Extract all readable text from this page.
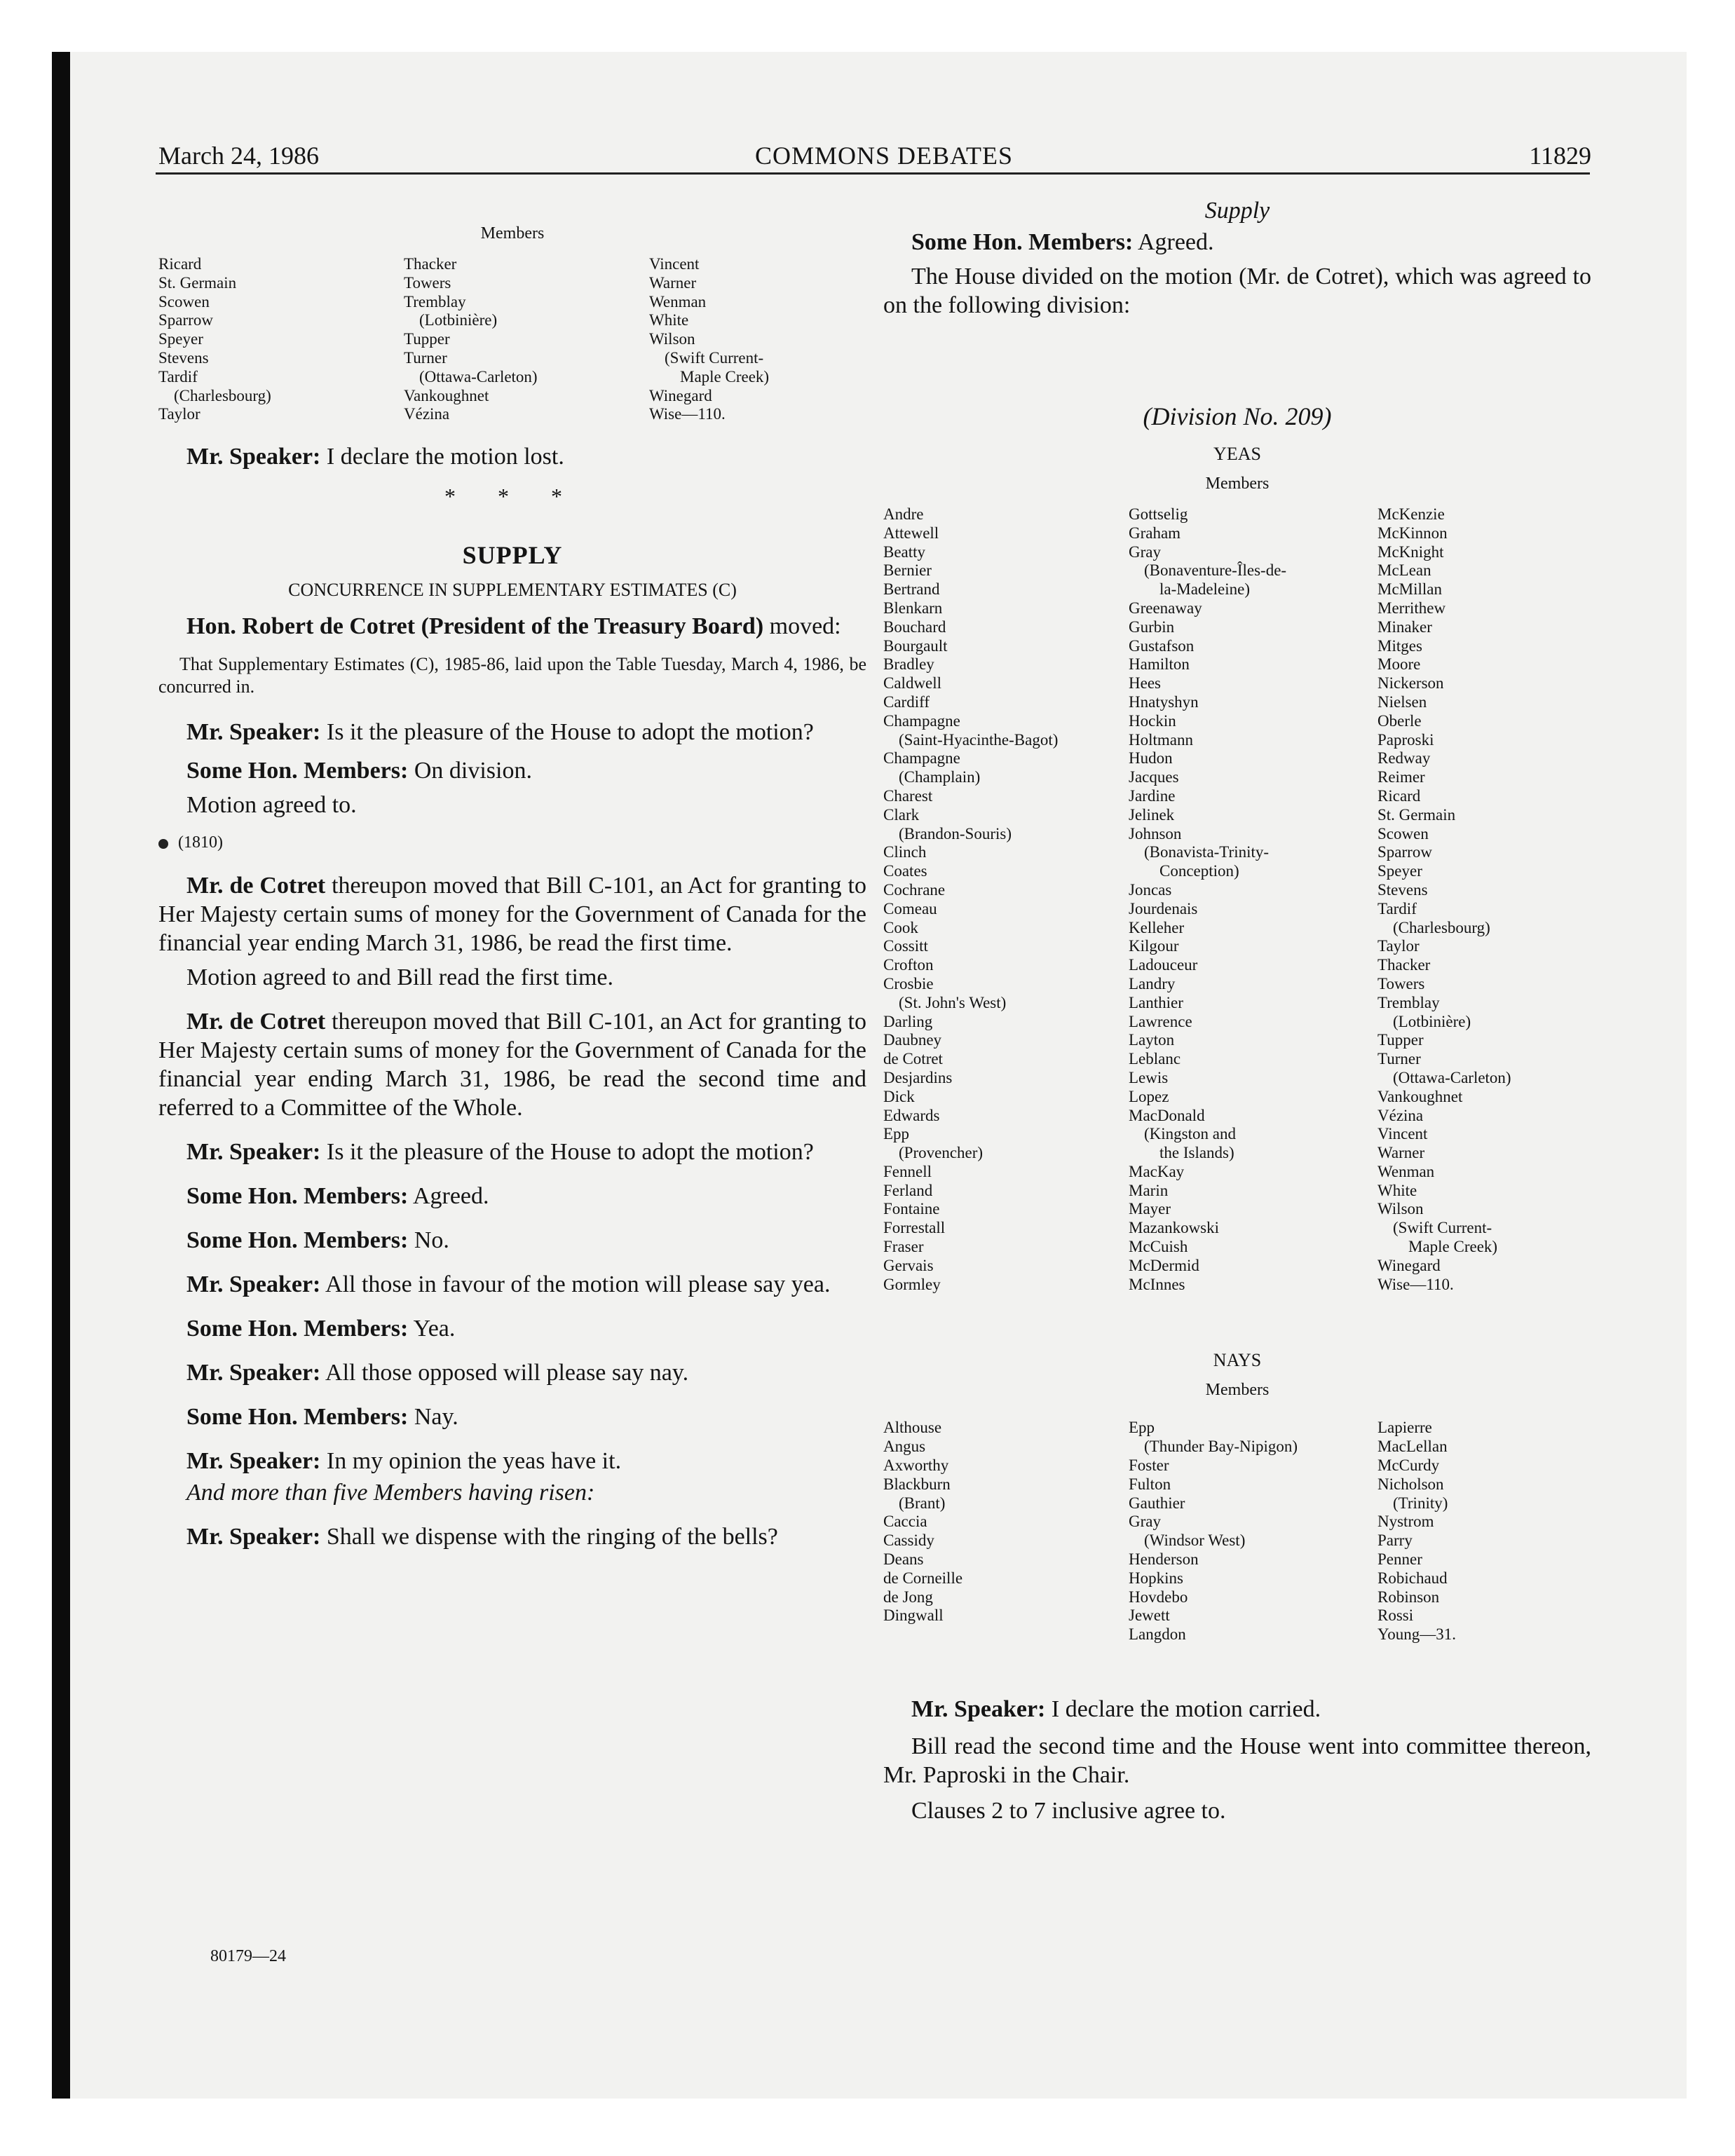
March 24, 1986	COMMONS DEBATES	11829
Members
Ricard
St. Germain
Scowen
Sparrow
Speyer
Stevens
Tardif
(Charlesbourg)
Taylor
Thacker
Towers
Tremblay
(Lotbinière)
Tupper
Turner
(Ottawa-Carleton)
Vankoughnet
Vézina
Vincent
Warner
Wenman
White
Wilson
(Swift Current-
Maple Creek)
Winegard
Wise—110.

Mr. Speaker: I declare the motion lost.

* * *

SUPPLY

CONCURRENCE IN SUPPLEMENTARY ESTIMATES (C)

Hon. Robert de Cotret (President of the Treasury Board) moved:

That Supplementary Estimates (C), 1985-86, laid upon the Table Tuesday, March 4, 1986, be concurred in.

Mr. Speaker: Is it the pleasure of the House to adopt the motion?

Some Hon. Members: On division.

Motion agreed to.

(1810)

Mr. de Cotret thereupon moved that Bill C-101, an Act for granting to Her Majesty certain sums of money for the Government of Canada for the financial year ending March 31, 1986, be read the first time.

Motion agreed to and Bill read the first time.

Mr. de Cotret thereupon moved that Bill C-101, an Act for granting to Her Majesty certain sums of money for the Government of Canada for the financial year ending March 31, 1986, be read the second time and referred to a Committee of the Whole.

Mr. Speaker: Is it the pleasure of the House to adopt the motion?

Some Hon. Members: Agreed.

Some Hon. Members: No.

Mr. Speaker: All those in favour of the motion will please say yea.

Some Hon. Members: Yea.

Mr. Speaker: All those opposed will please say nay.

Some Hon. Members: Nay.

Mr. Speaker: In my opinion the yeas have it.

And more than five Members having risen:

Mr. Speaker: Shall we dispense with the ringing of the bells?

80179—24

Supply

Some Hon. Members: Agreed.

The House divided on the motion (Mr. de Cotret), which was agreed to on the following division:

(Division No. 209)

YEAS
Members
Andre
Attewell
Beatty
Bernier
Bertrand
Blenkarn
Bouchard
Bourgault
Bradley
Caldwell
Cardiff
Champagne
(Saint-Hyacinthe-Bagot)
Champagne
(Champlain)
Charest
Clark
(Brandon-Souris)
Clinch
Coates
Cochrane
Comeau
Cook
Cossitt
Crofton
Crosbie
(St. John's West)
Darling
Daubney
de Cotret
Desjardins
Dick
Edwards
Epp
(Provencher)
Fennell
Ferland
Fontaine
Forrestall
Fraser
Gervais
Gormley
Gottselig
Graham
Gray
(Bonaventure-Îles-de-
la-Madeleine)
Greenaway
Gurbin
Gustafson
Hamilton
Hees
Hnatyshyn
Hockin
Holtmann
Hudon
Jacques
Jardine
Jelinek
Johnson
(Bonavista-Trinity-
Conception)
Joncas
Jourdenais
Kelleher
Kilgour
Ladouceur
Landry
Lanthier
Lawrence
Layton
Leblanc
Lewis
Lopez
MacDonald
(Kingston and
the Islands)
MacKay
Marin
Mayer
Mazankowski
McCuish
McDermid
McInnes
McKenzie
McKinnon
McKnight
McLean
McMillan
Merrithew
Minaker
Mitges
Moore
Nickerson
Nielsen
Oberle
Paproski
Redway
Reimer
Ricard
St. Germain
Scowen
Sparrow
Speyer
Stevens
Tardif
(Charlesbourg)
Taylor
Thacker
Towers
Tremblay
(Lotbinière)
Tupper
Turner
(Ottawa-Carleton)
Vankoughnet
Vézina
Vincent
Warner
Wenman
White
Wilson
(Swift Current-
Maple Creek)
Winegard
Wise—110.
NAYS
Members
Althouse
Angus
Axworthy
Blackburn
(Brant)
Caccia
Cassidy
Deans
de Corneille
de Jong
Dingwall
Epp
(Thunder Bay-Nipigon)
Foster
Fulton
Gauthier
Gray
(Windsor West)
Henderson
Hopkins
Hovdebo
Jewett
Langdon
Lapierre
MacLellan
McCurdy
Nicholson
(Trinity)
Nystrom
Parry
Penner
Robichaud
Robinson
Rossi
Young—31.

Mr. Speaker: I declare the motion carried.

Bill read the second time and the House went into committee thereon, Mr. Paproski in the Chair.

Clauses 2 to 7 inclusive agree to.
